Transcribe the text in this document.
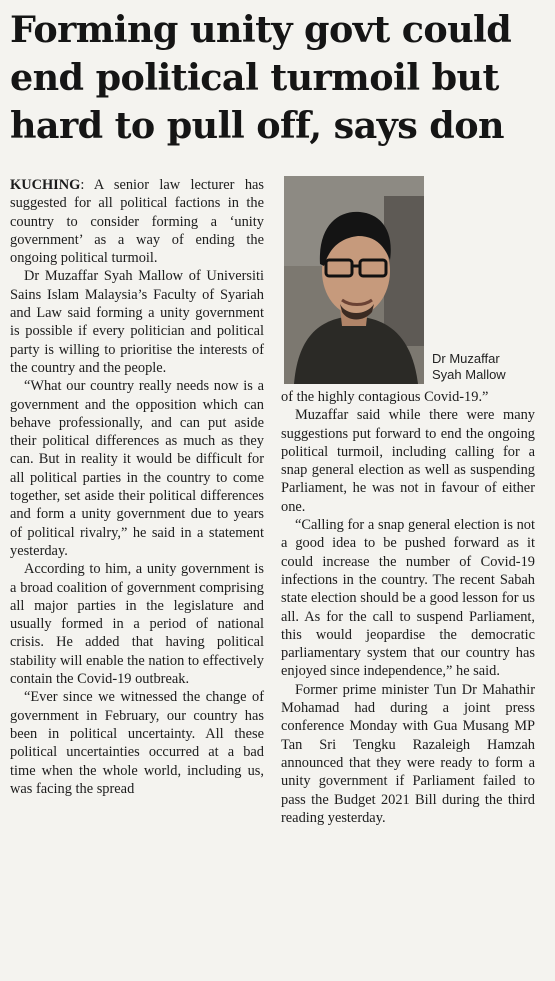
Forming unity govt could
end political turmoil but
hard to pull off, says don

KUCHING: A senior law lecturer has suggested for all political factions in the country to consider forming a ‘unity government’ as a way of ending the ongoing political turmoil.

Dr Muzaffar Syah Mallow of Universiti Sains Islam Malaysia’s Faculty of Syariah and Law said forming a unity government is possible if every politician and political party is willing to prioritise the interests of the country and the people.

“What our country really needs now is a government and the opposition which can behave professionally, and can put aside their political differences as much as they can. But in reality it would be difficult for all political parties in the country to come together, set aside their political differences and form a unity government due to years of political rivalry,” he said in a statement yesterday.

According to him, a unity government is a broad coalition of government comprising all major parties in the legislature and usually formed in a period of national crisis. He added that having political stability will enable the nation to effectively contain the Covid-19 outbreak.

“Ever since we witnessed the change of government in February, our country has been in political uncertainty. All these political uncertainties occurred at a bad time when the whole world, including us, was facing the spread

Dr Muzaffar
Syah Mallow

of the highly contagious Covid-19.”

Muzaffar said while there were many suggestions put forward to end the ongoing political turmoil, including calling for a snap general election as well as suspending Parliament, he was not in favour of either one.

“Calling for a snap general election is not a good idea to be pushed forward as it could increase the number of Covid-19 infections in the country. The recent Sabah state election should be a good lesson for us all. As for the call to suspend Parliament, this would jeopardise the democratic parliamentary system that our country has enjoyed since independence,” he said.

Former prime minister Tun Dr Mahathir Mohamad had during a joint press conference Monday with Gua Musang MP Tan Sri Tengku Razaleigh Hamzah announced that they were ready to form a unity government if Parliament failed to pass the Budget 2021 Bill during the third reading yesterday.
